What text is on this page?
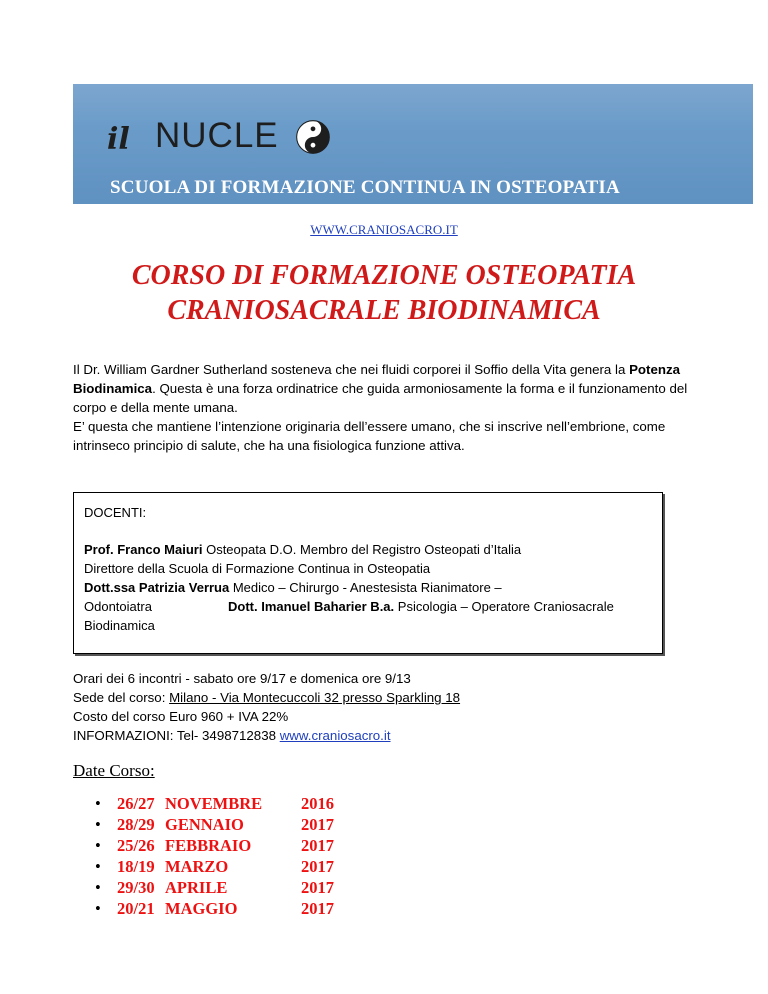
il NUCLE
SCUOLA DI FORMAZIONE CONTINUA IN OSTEOPATIA
WWW.CRANIOSACRO.IT
CORSO DI FORMAZIONE OSTEOPATIA
CRANIOSACRALE BIODINAMICA
Il Dr. William Gardner Sutherland sosteneva che nei fluidi corporei il Soffio della Vita genera la Potenza Biodinamica. Questa è una forza ordinatrice che guida armoniosamente la forma e il funzionamento del corpo e della mente umana.
E’ questa che mantiene l’intenzione originaria dell’essere umano, che si inscrive nell’embrione, come intrinseco principio di salute, che ha una fisiologica funzione attiva.

DOCENTI:

Prof. Franco Maiuri Osteopata D.O. Membro del Registro Osteopati d’Italia

Direttore della Scuola di Formazione Continua in Osteopatia

Dott.ssa Patrizia Verrua Medico – Chirurgo - Anestesista Rianimatore –

Odontoiatra	Dott. Imanuel Baharier B.a. Psicologia – Operatore Craniosacrale

Biodinamica

Orari dei 6 incontri - sabato ore 9/17 e domenica ore 9/13
Sede del corso: Milano - Via Montecuccoli 32 presso Sparkling 18
Costo del corso Euro 960 + IVA 22%
INFORMAZIONI: Tel- 3498712838 www.craniosacro.it
Date Corso:
• 26/27 NOVEMBRE 2016
• 28/29 GENNAIO	2017
• 25/26 FEBBRAIO	2017
• 18/19 MARZO	2017
• 29/30 APRILE	2017
• 20/21 MAGGIO	2017
